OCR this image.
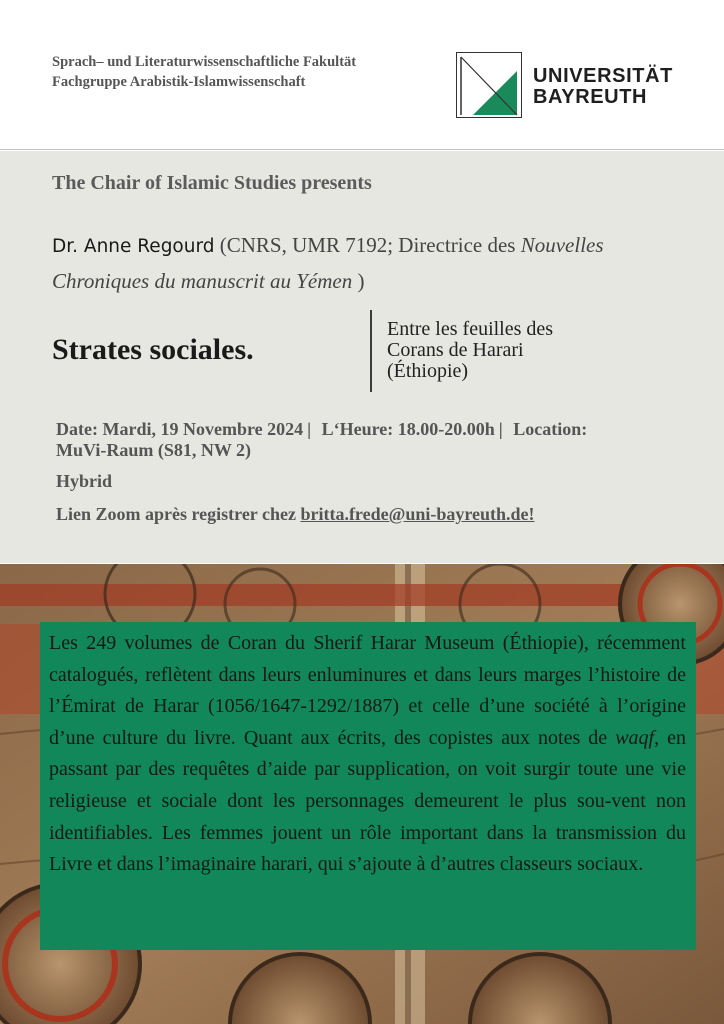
Sprach– und Literaturwissenschaftliche Fakultät
Fachgruppe Arabistik-Islamwissenschaft	UNIVERSITÄT
BAYREUTH
The Chair of Islamic Studies presents
Dr. Anne Regourd (CNRS, UMR 7192; Directrice des Nouvelles Chroniques du manuscrit au Yémen )
Strates sociales.
Entre les feuilles des
Corans de Harari
(Éthiopie)
Date: Mardi, 19 Novembre 2024 | L‘Heure: 18.00-20.00h | Location:
MuVi-Raum (S81, NW 2)
Hybrid
Lien Zoom après registrer chez britta.frede@uni-bayreuth.de!

Les 249 volumes de Coran du Sherif Harar Museum (Éthiopie), récemment catalogués, reflètent dans leurs enluminures et dans leurs marges l’histoire de l’Émirat de Harar (1056/1647-1292/1887) et celle d’une société à l’origine d’une culture du livre. Quant aux écrits, des copistes aux notes de waqf, en passant par des requêtes d’aide par supplication, on voit surgir toute une vie religieuse et sociale dont les personnages demeurent le plus sou-vent non identifiables. Les femmes jouent un rôle important dans la transmission du Livre et dans l’imaginaire harari, qui s’ajoute à d’autres classeurs sociaux.
